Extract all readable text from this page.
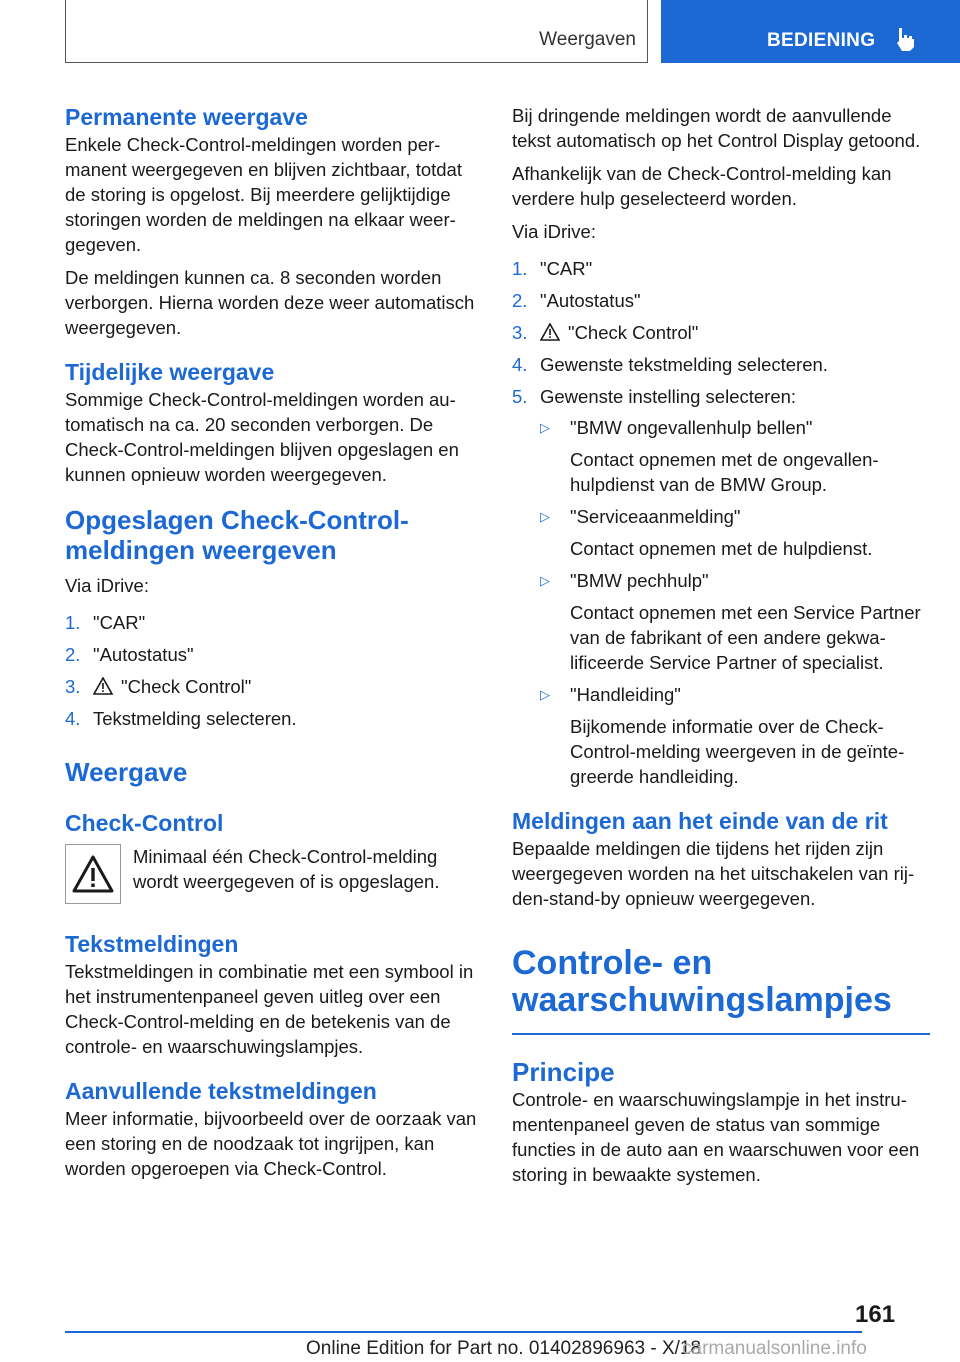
Weergaven	BEDIENING
Permanente weergave

Enkele Check-Control-meldingen worden permanent weergegeven en blijven zichtbaar, totdat de storing is opgelost. Bij meerdere gelijktijdige storingen worden de meldingen na elkaar weergegeven.

De meldingen kunnen ca. 8 seconden worden verborgen. Hierna worden deze weer automatisch weergegeven.

Tijdelijke weergave

Sommige Check-Control-meldingen worden automatisch na ca. 20 seconden verborgen. De Check-Control-meldingen blijven opgeslagen en kunnen opnieuw worden weergegeven.

Opgeslagen Check-Control-meldingen weergeven

Via iDrive:

1. "CAR"
2. "Autostatus"
3. "Check Control"
4. Tekstmelding selecteren.
Weergave
Check-Control

Minimaal één Check-Control-melding wordt weergegeven of is opgeslagen.

Tekstmeldingen

Tekstmeldingen in combinatie met een symbool in het instrumentenpaneel geven uitleg over een Check-Control-melding en de betekenis van de controle- en waarschuwingslampjes.

Aanvullende tekstmeldingen

Meer informatie, bijvoorbeeld over de oorzaak van een storing en de noodzaak tot ingrijpen, kan worden opgeroepen via Check-Control.

Bij dringende meldingen wordt de aanvullende tekst automatisch op het Control Display getoond.

Afhankelijk van de Check-Control-melding kan verdere hulp geselecteerd worden.

Via iDrive:

1. "CAR"
2. "Autostatus"
3. "Check Control"
4. Gewenste tekstmelding selecteren.
5. Gewenste instelling selecteren:
▷ "BMW ongevallenhulp bellen"
Contact opnemen met de ongevallenhulpdienst van de BMW Group.
▷ "Serviceaanmelding"
Contact opnemen met de hulpdienst.
▷ "BMW pechhulp"
Contact opnemen met een Service Partner van de fabrikant of een andere gekwalificeerde Service Partner of specialist.
▷ "Handleiding"
Bijkomende informatie over de Check-Control-melding weergeven in de geïntegreerde handleiding.
Meldingen aan het einde van de rit

Bepaalde meldingen die tijdens het rijden zijn weergegeven worden na het uitschakelen van rijden-stand-by opnieuw weergegeven.

Controle- en waarschuwingslampjes
Principe

Controle- en waarschuwingslampje in het instrumentenpaneel geven de status van sommige functies in de auto aan en waarschuwen voor een storing in bewaakte systemen.

161
Online Edition for Part no. 01402896963 - X/18
carmanualsonline.info
